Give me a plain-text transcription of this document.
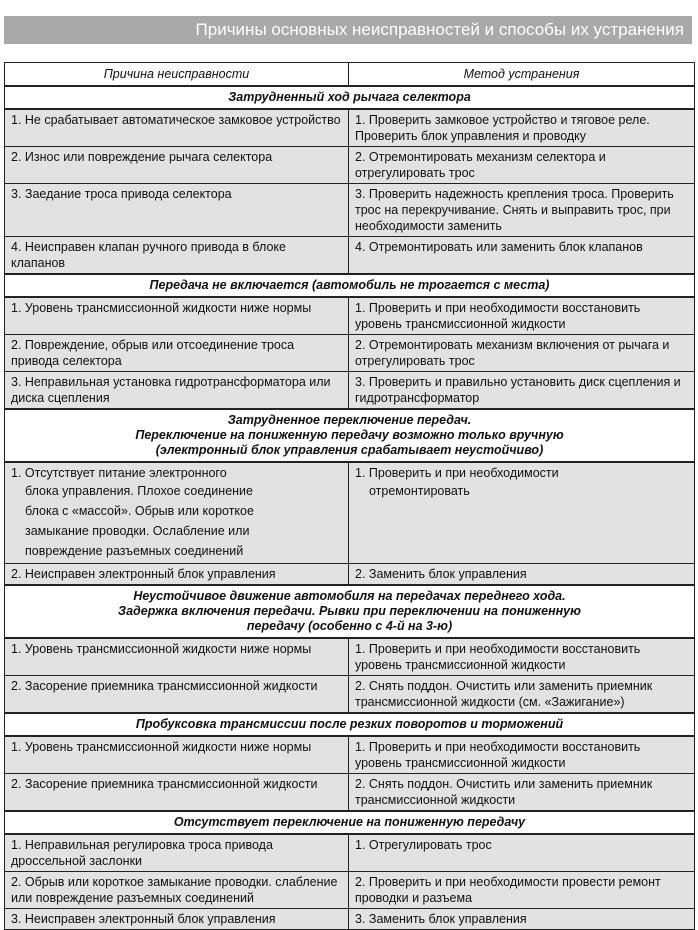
Причины основных неисправностей и способы их устранения
Причина неисправности	Метод устранения

Затрудненный ход рычага селектора	

1. Не срабатывает автоматическое замковое устройство	1. Проверить замковое устройство и тяговое реле. Проверить блок управления и проводку
2. Износ или повреждение рычага селектора	2. Отремонтировать механизм селектора и отрегулировать трос
3. Заедание троса привода селектора	3. Проверить надежность крепления троса. Проверить трос на перекручивание. Снять и выправить трос, при необходимости заменить
4. Неисправен клапан ручного привода в блоке клапанов	4. Отремонтировать или заменить блок клапанов

Передача не включается (автомобиль не трогается с места)	

1. Уровень трансмиссионной жидкости ниже нормы	1. Проверить и при необходимости восстановить уровень трансмиссионной жидкости
2. Повреждение, обрыв или отсоединение троса привода селектора	2. Отремонтировать механизм включения от рычага и отрегулировать трос
3. Неправильная установка гидротрансформатора или диска сцепления	3. Проверить и правильно установить диск сцепления и гидротрансформатор

Затрудненное переключение передач.
Переключение на пониженную передачу возможно только вручную
(электронный блок управления срабатывает неустойчиво)	

1. Отсутствует питание электронного
блока управления. Плохое соединение
блока с «массой». Обрыв или короткое
замыкание проводки. Ослабление или
повреждение разъемных соединений	1. Проверить и при необходимости
отремонтировать

2. Неисправен электронный блок управления	2. Заменить блок управления

Неустойчивое движение автомобиля на передачах переднего хода.
Задержка включения передачи. Рывки при переключении на пониженную
передачу (особенно с 4-й на 3-ю)	

1. Уровень трансмиссионной жидкости ниже нормы	1. Проверить и при необходимости восстановить уровень трансмиссионной жидкости
2. Засорение приемника трансмиссионной жидкости	2. Снять поддон. Очистить или заменить приемник трансмиссионной жидкости (см. «Зажигание»)

Пробуксовка трансмиссии после резких поворотов и торможений	

1. Уровень трансмиссионной жидкости ниже нормы	1. Проверить и при необходимости восстановить уровень трансмиссионной жидкости
2. Засорение приемника трансмиссионной жидкости	2. Снять поддон. Очистить или заменить приемник трансмиссионной жидкости

Отсутствует переключение на пониженную передачу	

1. Неправильная регулировка троса привода дроссельной заслонки	1. Отрегулировать трос
2. Обрыв или короткое замыкание проводки. слабление или повреждение разъемных соединений	2. Проверить и при необходимости провести ремонт проводки и разъема
3. Неисправен электронный блок управления	3. Заменить блок управления
